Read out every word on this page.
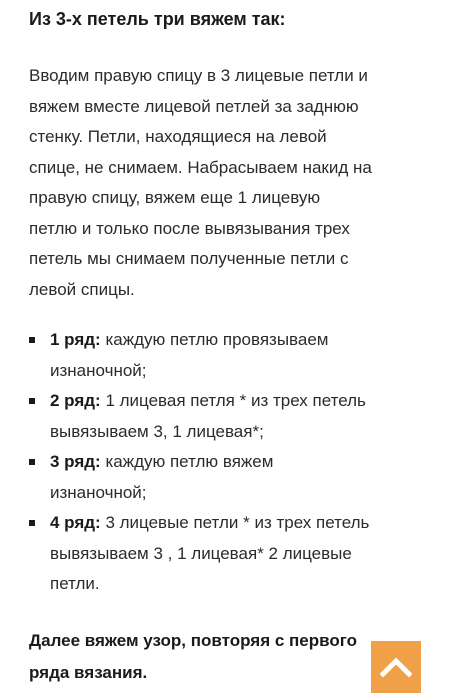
Из 3-х петель три вяжем так:
Вводим правую спицу в 3 лицевые петли и
вяжем вместе лицевой петлей за заднюю
стенку. Петли, находящиеся на левой
спице, не снимаем. Набрасываем накид на
правую спицу, вяжем еще 1 лицевую
петлю и только после вывязывания трех
петель мы снимаем полученные петли с
левой спицы.
1 ряд: каждую петлю провязываем
изнаночной;
2 ряд: 1 лицевая петля * из трех петель
вывязываем 3, 1 лицевая*;
3 ряд: каждую петлю вяжем
изнаночной;
4 ряд: 3 лицевые петли * из трех петель
вывязываем 3 , 1 лицевая* 2 лицевые
петли.
Далее вяжем узор, повторяя с первого
ряда вязания.
